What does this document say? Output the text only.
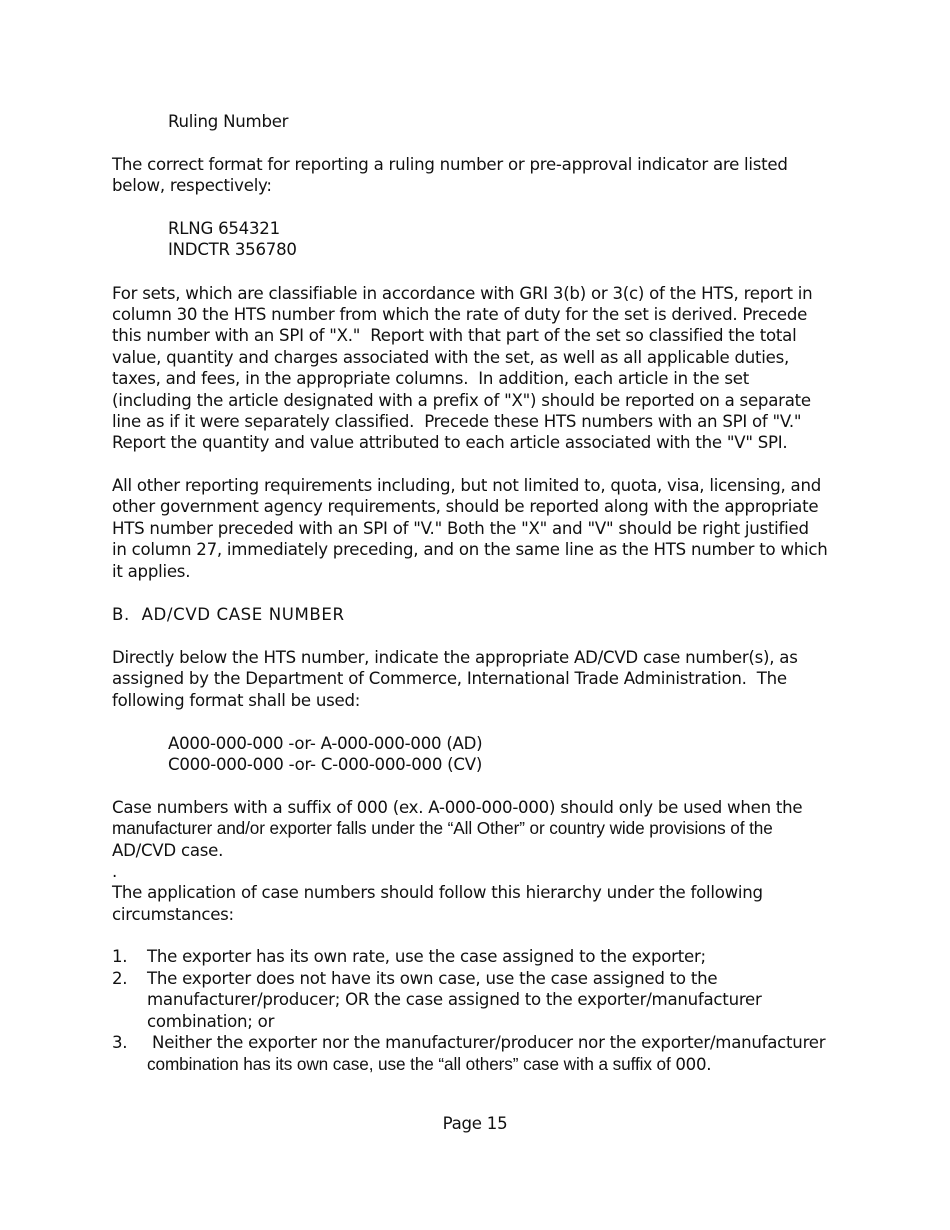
Ruling Number

The correct format for reporting a ruling number or pre-approval indicator are listed

below, respectively:

RLNG 654321

INDCTR 356780

For sets, which are classifiable in accordance with GRI 3(b) or 3(c) of the HTS, report in

column 30 the HTS number from which the rate of duty for the set is derived. Precede

this number with an SPI of "X."  Report with that part of the set so classified the total

value, quantity and charges associated with the set, as well as all applicable duties,

taxes, and fees, in the appropriate columns.  In addition, each article in the set

(including the article designated with a prefix of "X") should be reported on a separate

line as if it were separately classified.  Precede these HTS numbers with an SPI of "V."

Report the quantity and value attributed to each article associated with the "V" SPI.

All other reporting requirements including, but not limited to, quota, visa, licensing, and

other government agency requirements, should be reported along with the appropriate

HTS number preceded with an SPI of "V." Both the "X" and "V" should be right justified

in column 27, immediately preceding, and on the same line as the HTS number to which

it applies.

B.  AD/CVD CASE NUMBER

Directly below the HTS number, indicate the appropriate AD/CVD case number(s), as

assigned by the Department of Commerce, International Trade Administration.  The

following format shall be used:

A000-000-000 -or- A-000-000-000 (AD)

C000-000-000 -or- C-000-000-000 (CV)

Case numbers with a suffix of 000 (ex. A-000-000-000) should only be used when the

manufacturer and/or exporter falls under the “All Other” or country wide provisions of the

AD/CVD case.

.

The application of case numbers should follow this hierarchy under the following

circumstances:

1. The exporter has its own rate, use the case assigned to the exporter;

2. The exporter does not have its own case, use the case assigned to the

manufacturer/producer; OR the case assigned to the exporter/manufacturer

combination; or

3. Neither the exporter nor the manufacturer/producer nor the exporter/manufacturer

combination has its own case, use the “all others” case with a suffix of 000.

Page 15
